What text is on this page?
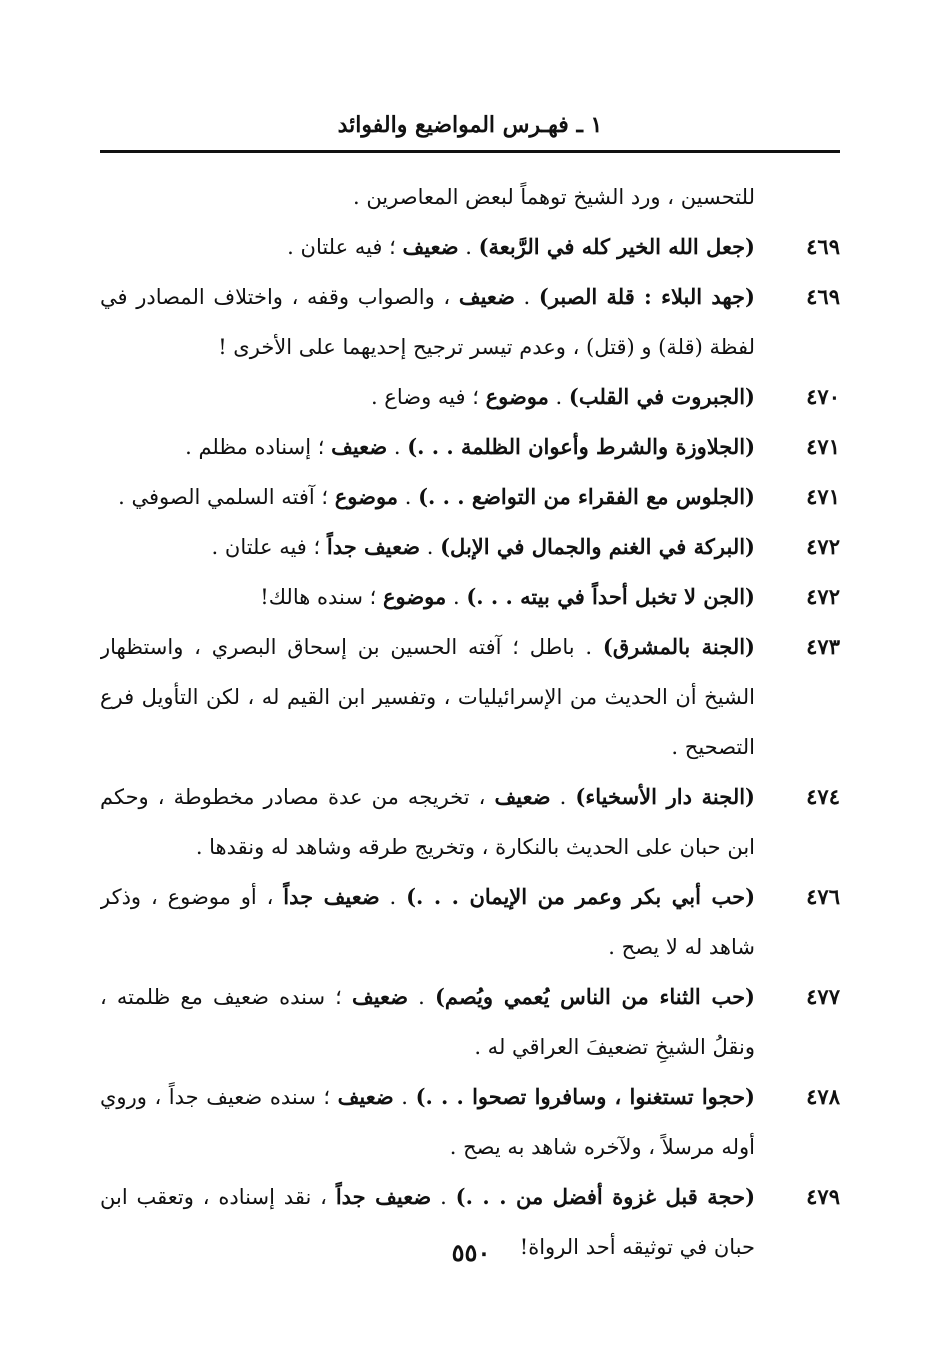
١ ـ فهـرس المواضيع والفوائد
للتحسين ، ورد الشيخ توهماً لبعض المعاصرين .
٤٦٩
(جعل الله الخير كله في الرَّبعة) . ضعيف ؛ فيه علتان .
٤٦٩
(جهد البلاء : قلة الصبر) . ضعيف ، والصواب وقفه ، واختلاف المصادر في لفظة (قلة) و (قتل) ، وعدم تيسر ترجيح إحديهما على الأخرى !
٤٧٠
(الجبروت في القلب) . موضوع ؛ فيه وضاع .
٤٧١
(الجلاوزة والشرط وأعوان الظلمة . . .) . ضعيف ؛ إسناده مظلم .
٤٧١
(الجلوس مع الفقراء من التواضع . . .) . موضوع ؛ آفته السلمي الصوفي .
٤٧٢
(البركة في الغنم والجمال في الإبل) . ضعيف جداً ؛ فيه علتان .
٤٧٢
(الجن لا تخبل أحداً في بيته . . .) . موضوع ؛ سنده هالك!
٤٧٣
(الجنة بالمشرق) . باطل ؛ آفته الحسين بن إسحاق البصري ، واستظهار الشيخ أن الحديث من الإسرائيليات ، وتفسير ابن القيم له ، لكن التأويل فرع التصحيح .
٤٧٤
(الجنة دار الأسخياء) . ضعيف ، تخريجه من عدة مصادر مخطوطة ، وحكم ابن حبان على الحديث بالنكارة ، وتخريج طرقه وشاهد له ونقدها .
٤٧٦
(حب أبي بكر وعمر من الإيمان . . .) . ضعيف جداً ، أو موضوع ، وذكر شاهد له لا يصح .
٤٧٧
(حب الثناء من الناس يُعمي ويُصم) . ضعيف ؛ سنده ضعيف مع ظلمته ، ونقلُ الشيخِ تضعيفَ العراقي له .
٤٧٨
(حجوا تستغنوا ، وسافروا تصحوا . . .) . ضعيف ؛ سنده ضعيف جداً ، وروي أوله مرسلاً ، ولآخره شاهد به يصح .
٤٧٩
(حجة قبل غزوة أفضل من . . .) . ضعيف جداً ، نقد إسناده ، وتعقب ابن حبان في توثيقه أحد الرواة!
٥٥٠
